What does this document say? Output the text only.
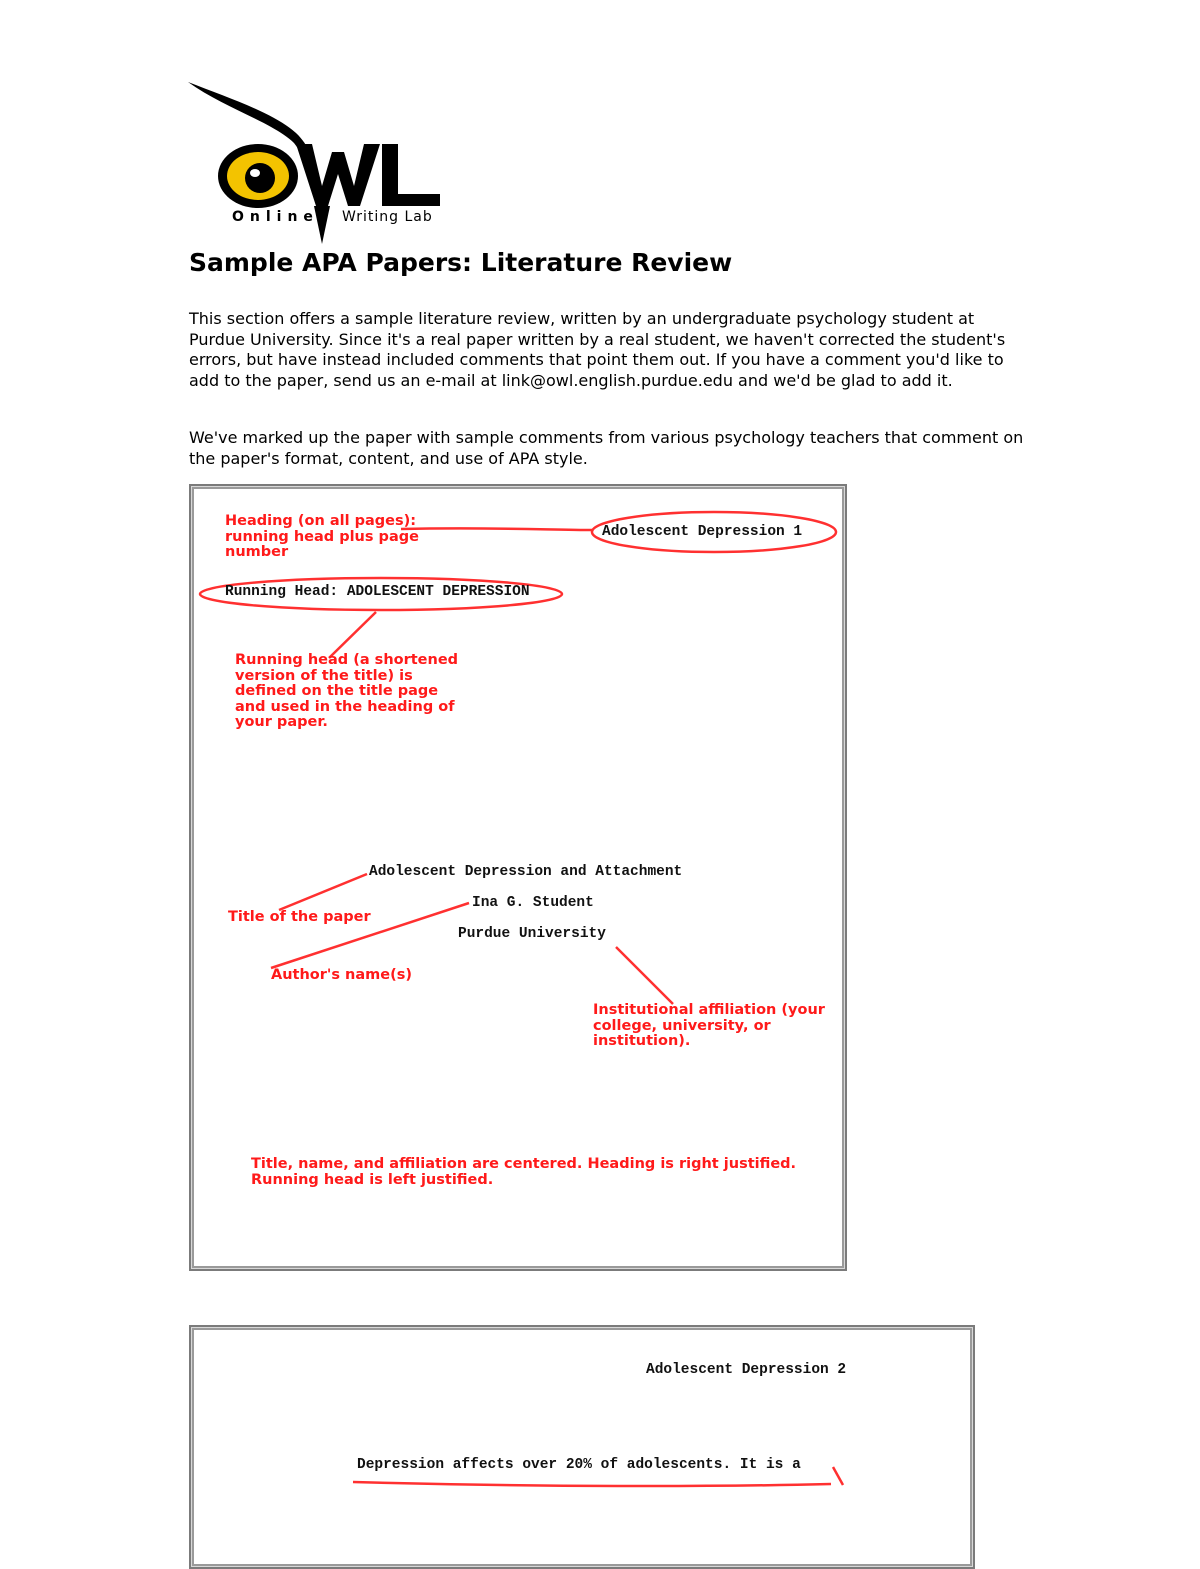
Online Writing Lab
Sample APA Papers: Literature Review

This section offers a sample literature review, written by an undergraduate psychology student at Purdue University. Since it's a real paper written by a real student, we haven't corrected the student's errors, but have instead included comments that point them out. If you have a comment you'd like to add to the paper, send us an e-mail at link@owl.english.purdue.edu and we'd be glad to add it.

We've marked up the paper with sample comments from various psychology teachers that comment on the paper's format, content, and use of APA style.

Adolescent Depression 1
Running Head: ADOLESCENT DEPRESSION
Adolescent Depression and Attachment
Ina G. Student
Purdue University
Heading (on all pages):
running head plus page
number
Running head (a shortened
version of the title) is
defined on the title page
and used in the heading of
your paper.
Title of the paper
Author's name(s)
Institutional affiliation (your
college, university, or
institution).
Title, name, and affiliation are centered. Heading is right justified.
Running head is left justified.
Adolescent Depression 2
Depression affects over 20% of adolescents. It is a
